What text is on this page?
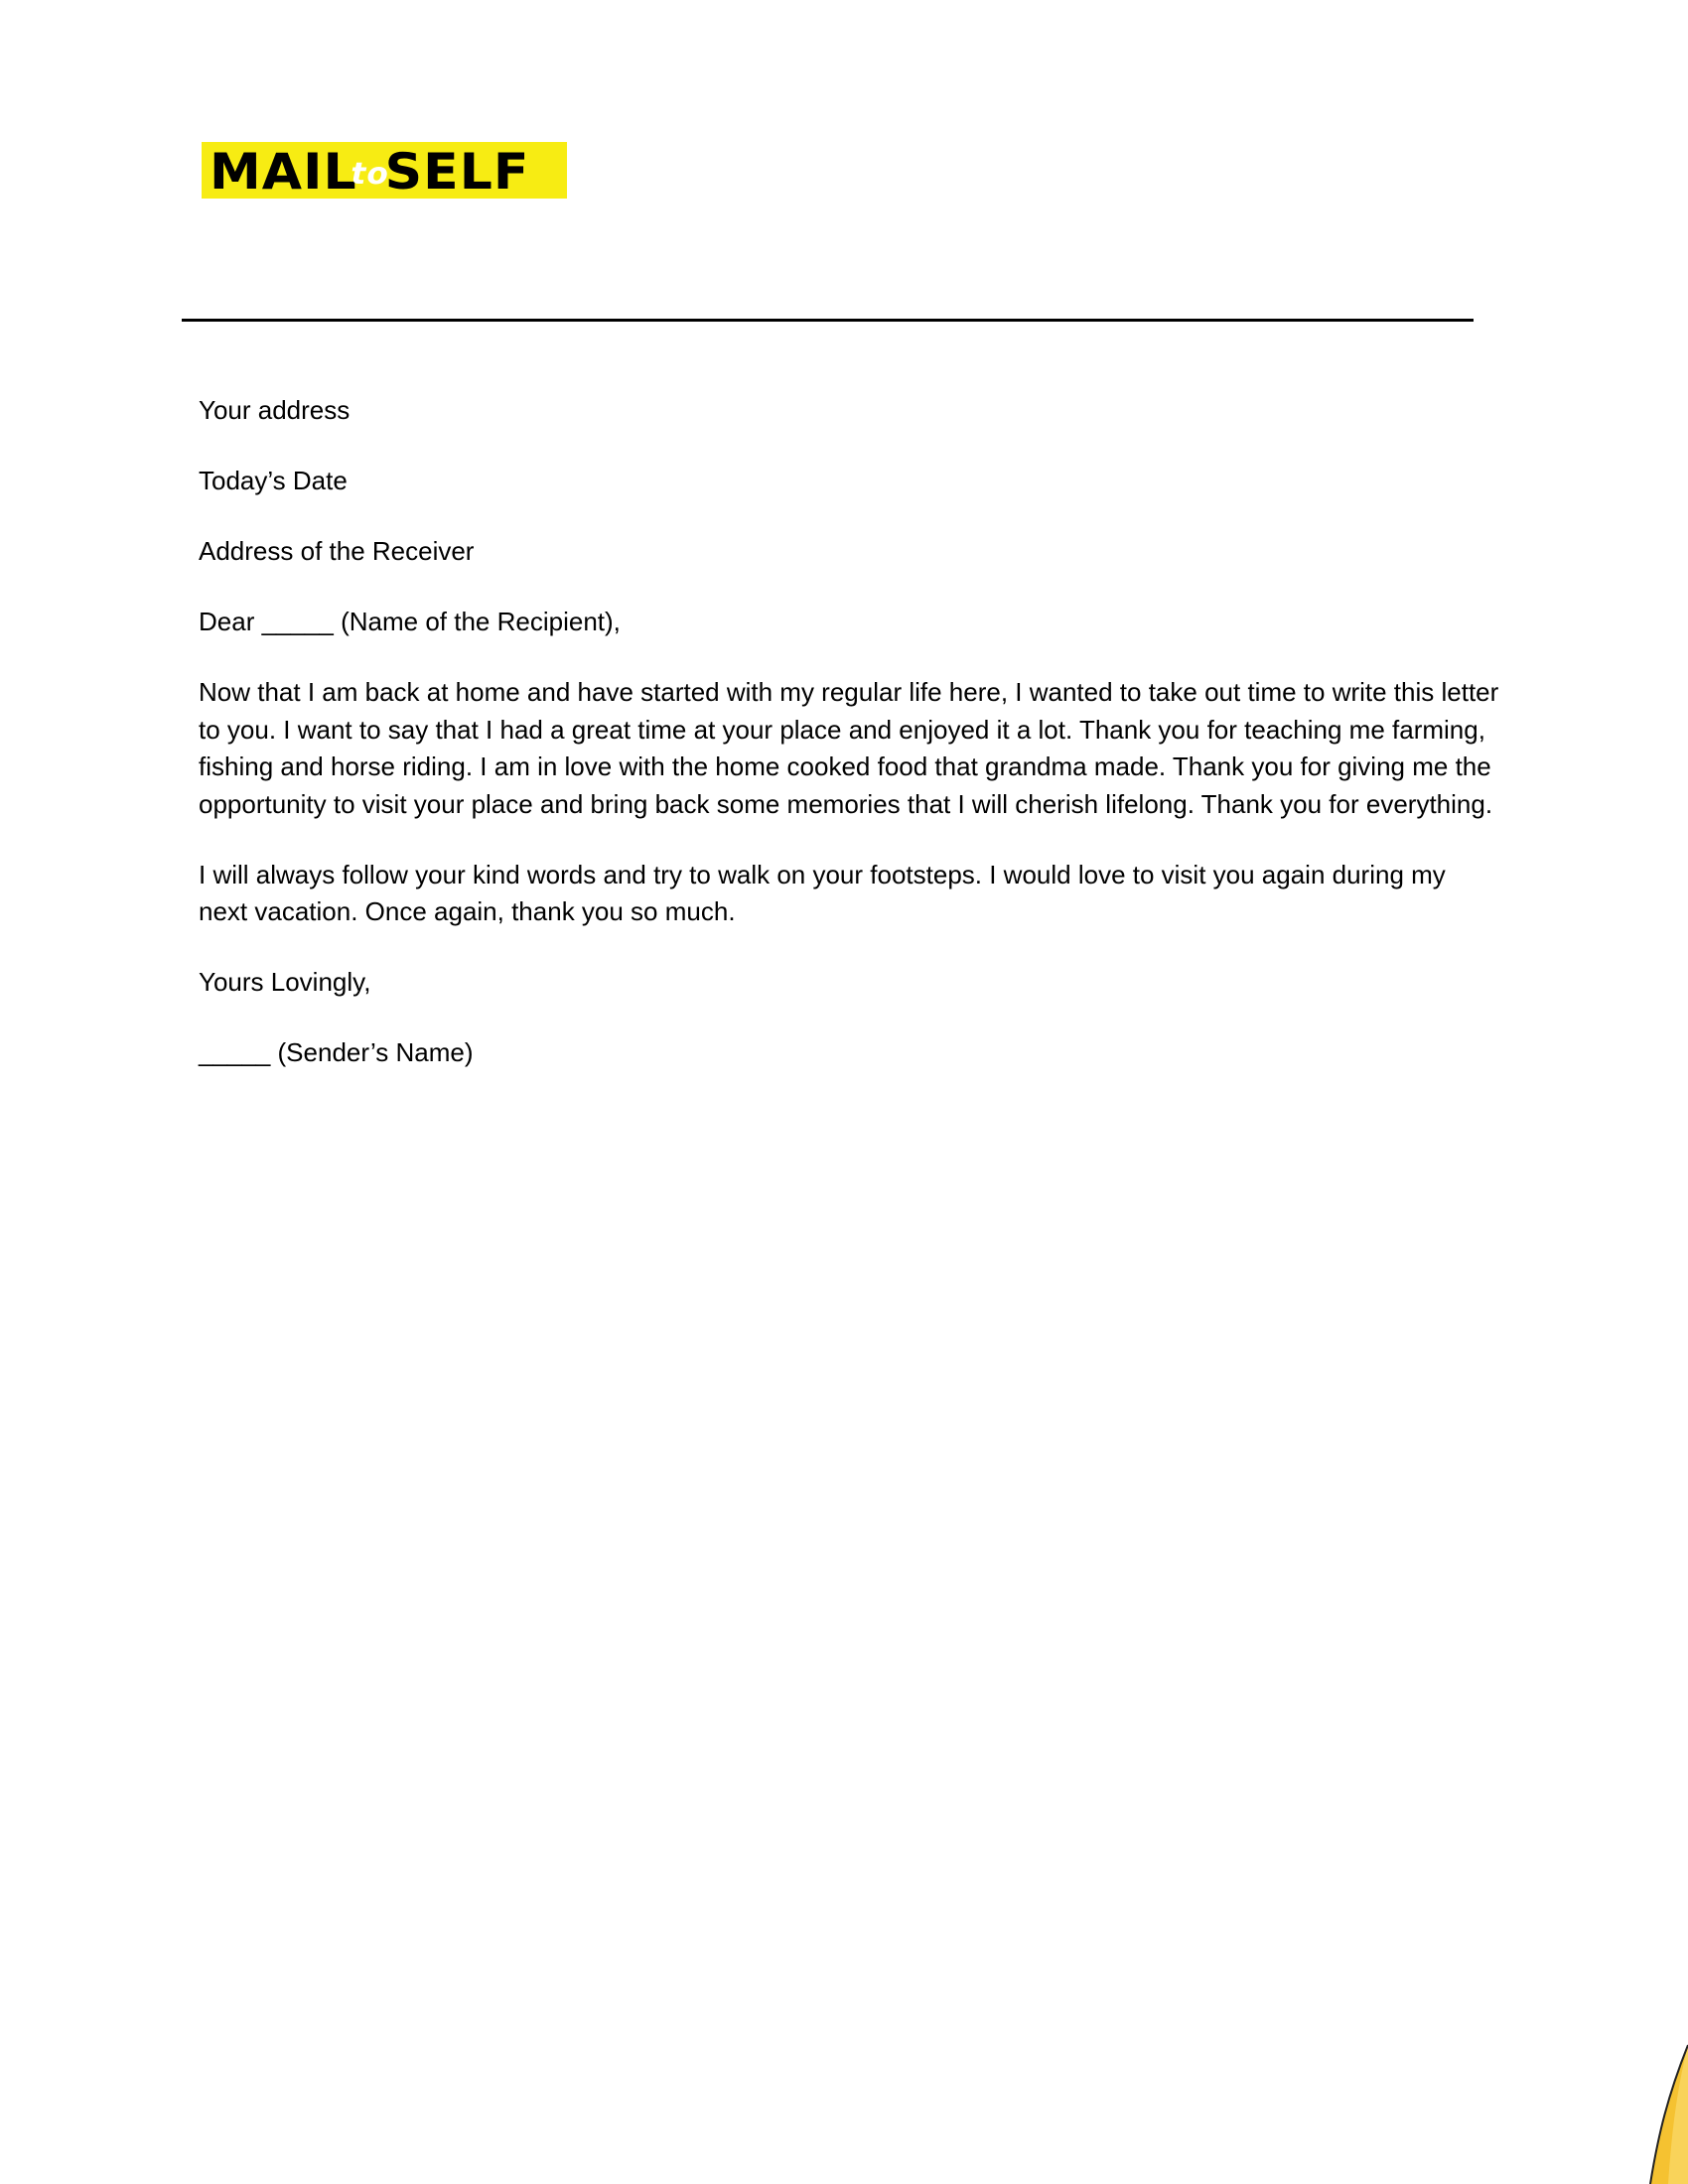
MAILtoSELF

Your address

Today’s Date

Address of the Receiver

Dear _____ (Name of the Recipient),

Now that I am back at home and have started with my regular life here, I wanted to take out time to write this letter to you. I want to say that I had a great time at your place and enjoyed it a lot. Thank you for teaching me farming, fishing and horse riding. I am in love with the home cooked food that grandma made. Thank you for giving me the opportunity to visit your place and bring back some memories that I will cherish lifelong. Thank you for everything.

I will always follow your kind words and try to walk on your footsteps. I would love to visit you again during my next vacation. Once again, thank you so much.

Yours Lovingly,

_____ (Sender’s Name)
